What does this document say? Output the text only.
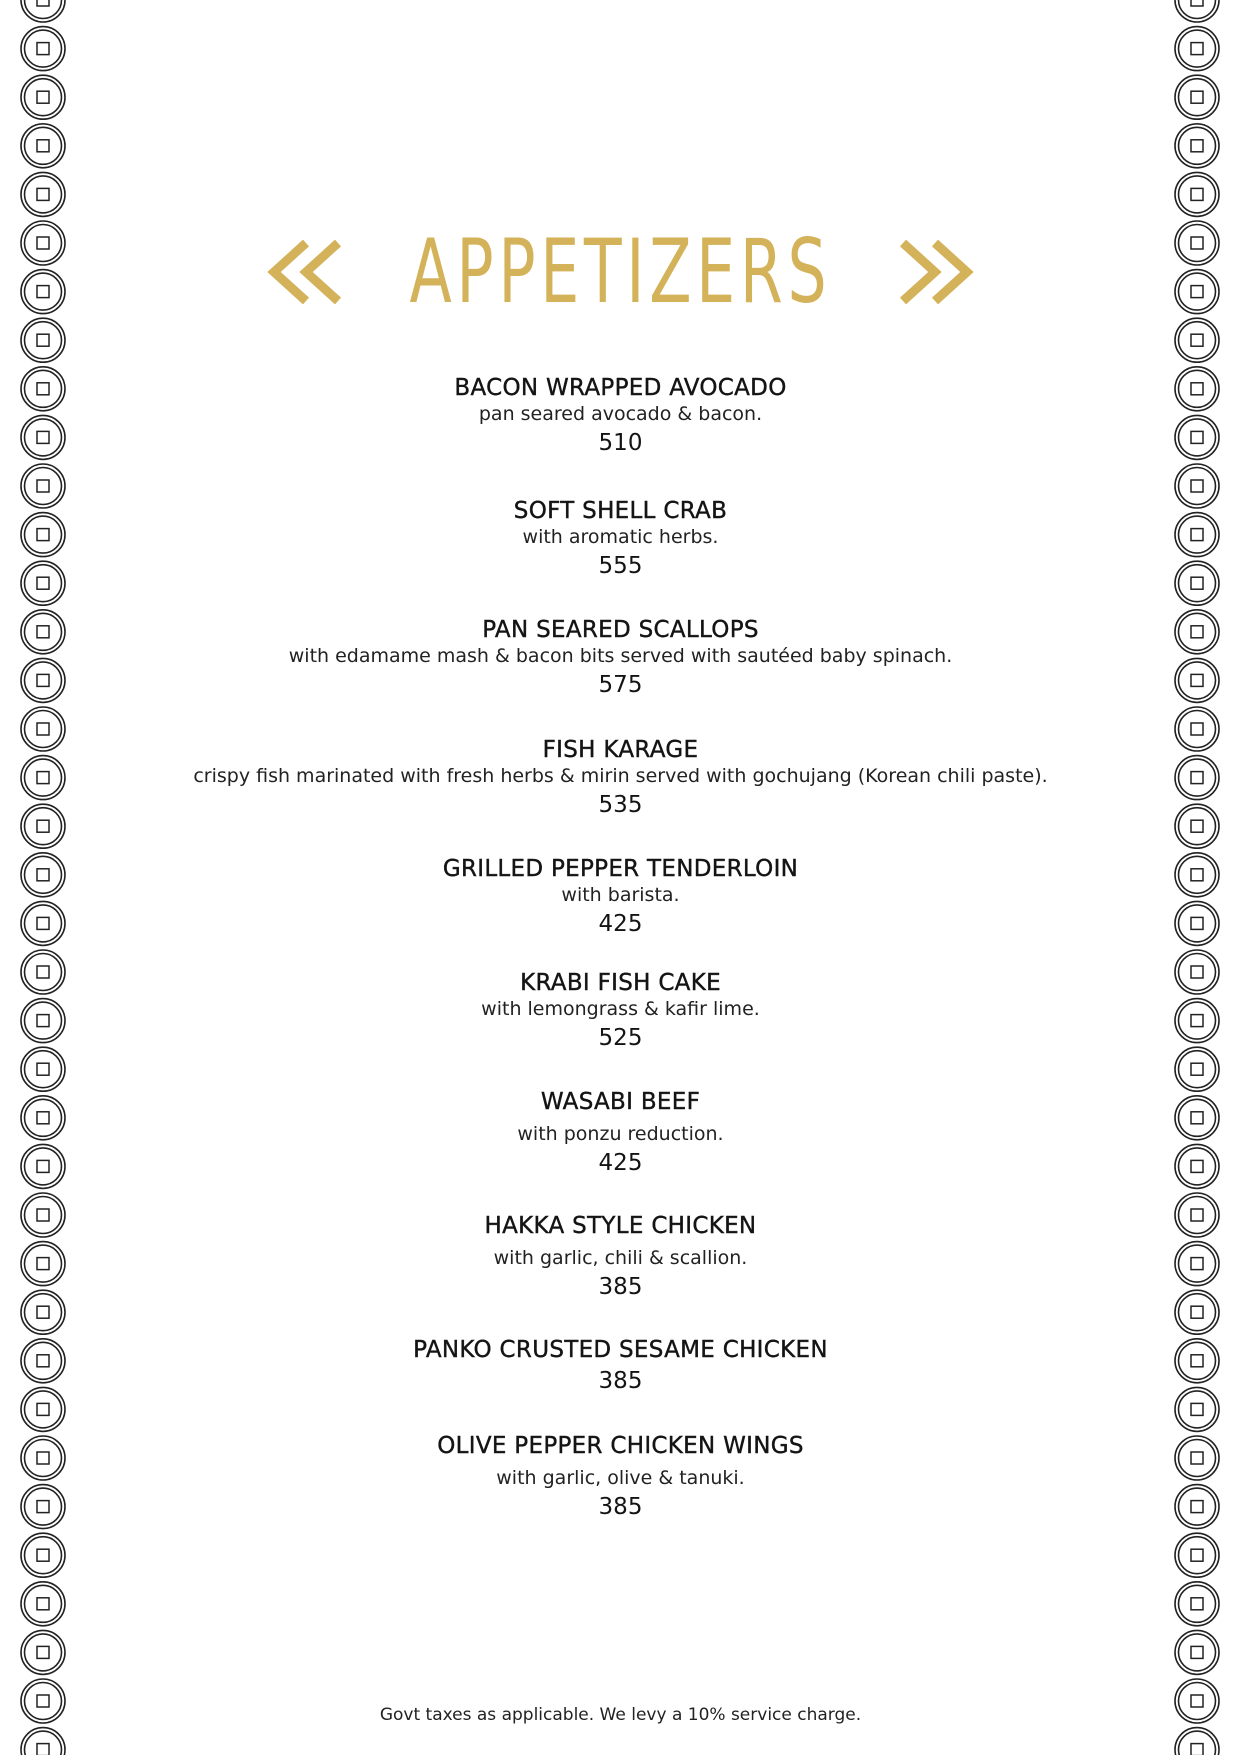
APPETIZERS
BACON WRAPPED AVOCADO
pan seared avocado & bacon.
510
SOFT SHELL CRAB
with aromatic herbs.
555
PAN SEARED SCALLOPS
with edamame mash & bacon bits served with sautéed baby spinach.
575
FISH KARAGE
crispy fish marinated with fresh herbs & mirin served with gochujang (Korean chili paste).
535
GRILLED PEPPER TENDERLOIN
with barista.
425
KRABI FISH CAKE
with lemongrass & kafir lime.
525
WASABI BEEF
with ponzu reduction.
425
HAKKA STYLE CHICKEN
with garlic, chili & scallion.
385
PANKO CRUSTED SESAME CHICKEN
385
OLIVE PEPPER CHICKEN WINGS
with garlic, olive & tanuki.
385
Govt taxes as applicable. We levy a 10% service charge.
